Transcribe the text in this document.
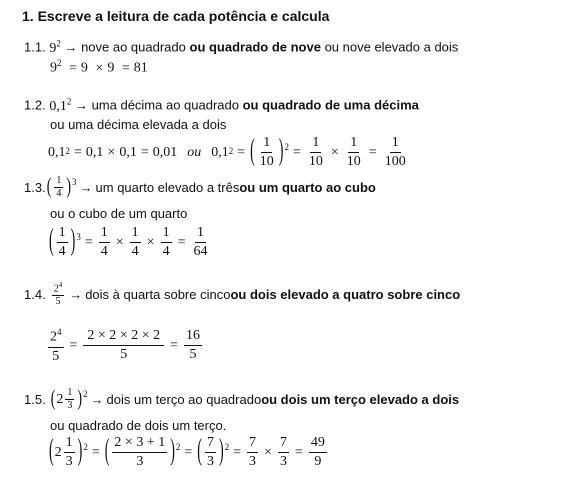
1. Escreve a leitura de cada potência e calcula
1.1. $9^2$ → nove ao quadrado ou quadrado de nove ou nove elevado a dois
$9^2 = 9 \times 9 = 81$
1.2. $0,1^2$ → uma décima ao quadrado ou quadrado de uma décima
ou uma décima elevada a dois
0,1 2 = 0,1 × 0,1 = 0,01 ou 0,1 2 = ( $\frac{1}{10}$ ) $2 = \frac{1}{10} \times \frac{1}{10} = \frac{1}{100}$
1.3. ( $\frac{1}{4}$ ) 3 → um quarto elevado a três ou um quarto ao cubo
ou o cubo de um quarto
( $\frac{1}{4}$ ) $3 = \frac{1}{4} \times \frac{1}{4} \times \frac{1}{4} = \frac{1}{64}$
1.4. $\frac{2^4}{5}$ → dois à quarta sobre cinco ou dois elevado a quatro sobre cinco
$\frac{2^4}{5} = \frac{2 \times 2 \times 2 \times 2}{5} = \frac{16}{5}$
1.5. ( $2 \frac{1}{3}$ ) 2 → dois um terço ao quadrado ou dois um terço elevado a dois
ou quadrado de dois um terço.
( $2 \frac{1}{3}$ ) 2 = ( $\frac{2 \times 3 + 1}{3}$ ) 2 = ( $\frac{7}{3}$ ) $2 = \frac{7}{3} \times \frac{7}{3} = \frac{49}{9}$
